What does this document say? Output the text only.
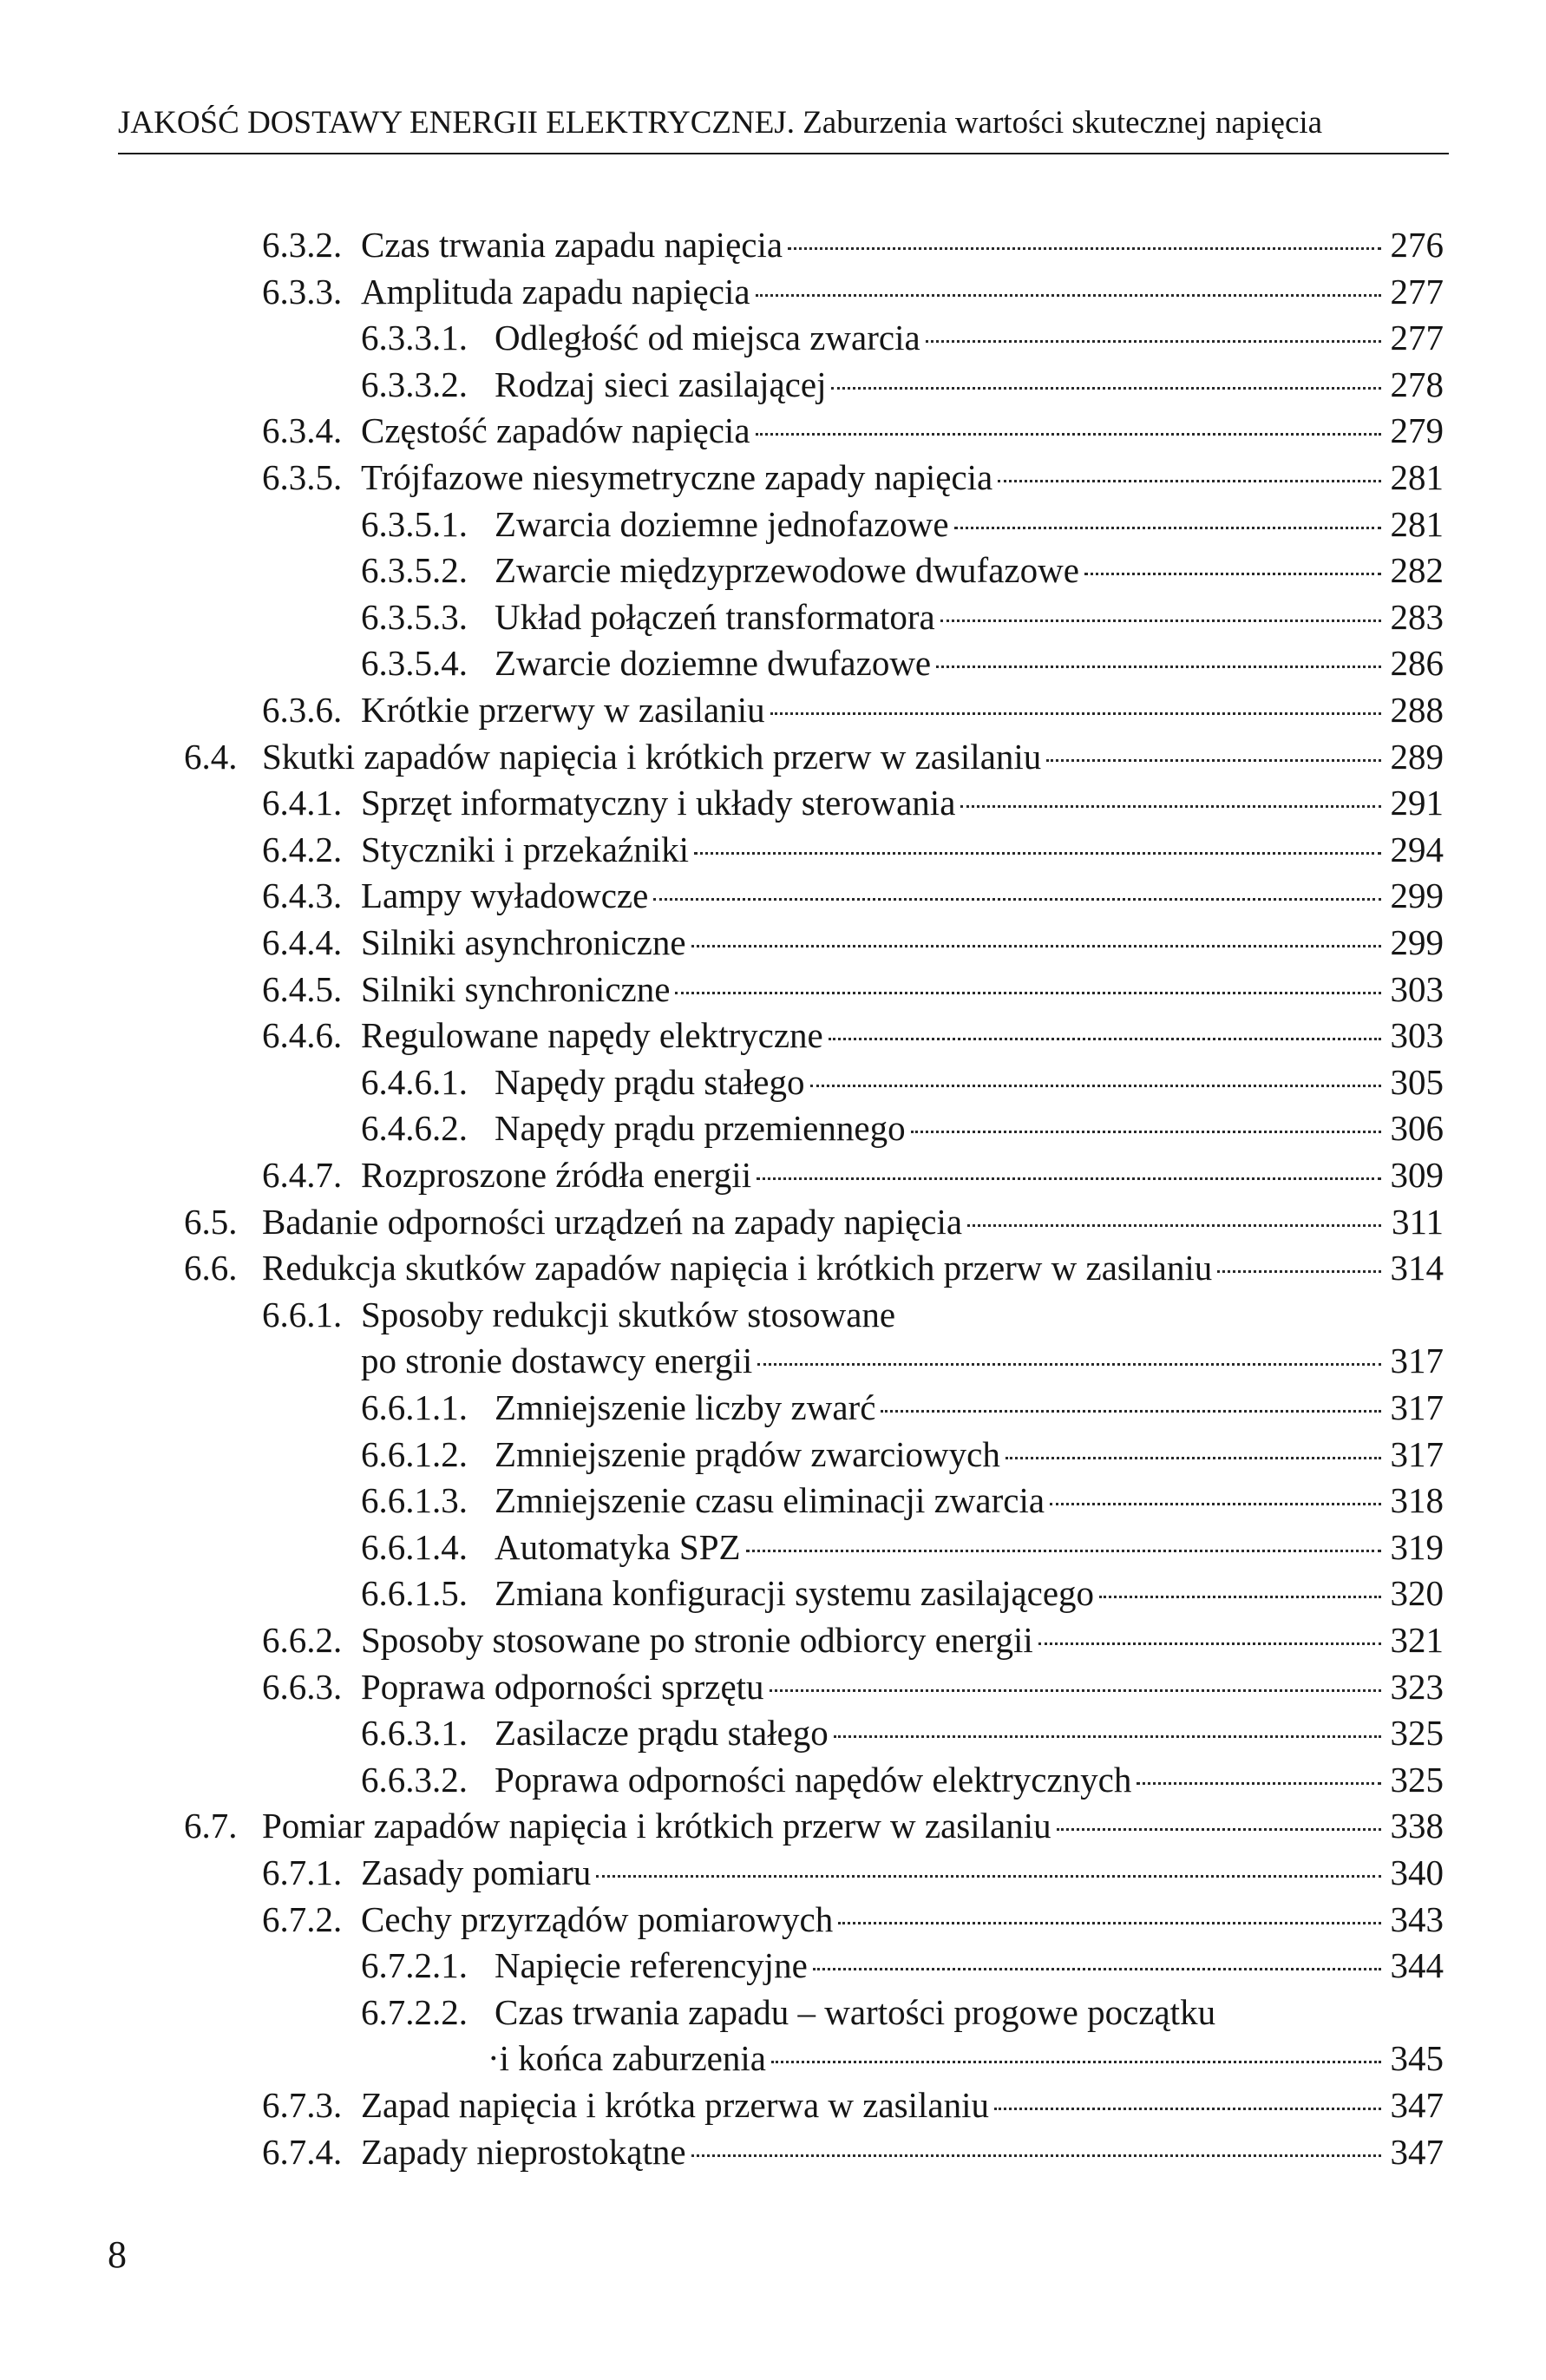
JAKOŚĆ DOSTAWY ENERGII ELEKTRYCZNEJ. Zaburzenia wartości skutecznej napięcia
6.3.2. Czas trwania zapadu napięcia	276
6.3.3. Amplituda zapadu napięcia	277
6.3.3.1. Odległość od miejsca zwarcia	277
6.3.3.2. Rodzaj sieci zasilającej	278
6.3.4. Częstość zapadów napięcia	279
6.3.5. Trójfazowe niesymetryczne zapady napięcia	281
6.3.5.1. Zwarcia doziemne jednofazowe	281
6.3.5.2. Zwarcie międzyprzewodowe dwufazowe	282
6.3.5.3. Układ połączeń transformatora	283
6.3.5.4. Zwarcie doziemne dwufazowe	286
6.3.6. Krótkie przerwy w zasilaniu	288
6.4. Skutki zapadów napięcia i krótkich przerw w zasilaniu	289
6.4.1. Sprzęt informatyczny i układy sterowania	291
6.4.2. Styczniki i przekaźniki	294
6.4.3. Lampy wyładowcze	299
6.4.4. Silniki asynchroniczne	299
6.4.5. Silniki synchroniczne	303
6.4.6. Regulowane napędy elektryczne	303
6.4.6.1. Napędy prądu stałego	305
6.4.6.2. Napędy prądu przemiennego	306
6.4.7. Rozproszone źródła energii	309
6.5. Badanie odporności urządzeń na zapady napięcia	311
6.6. Redukcja skutków zapadów napięcia i krótkich przerw w zasilaniu	314
6.6.1. Sposoby redukcji skutków stosowane
po stronie dostawcy energii	317
6.6.1.1. Zmniejszenie liczby zwarć	317
6.6.1.2. Zmniejszenie prądów zwarciowych	317
6.6.1.3. Zmniejszenie czasu eliminacji zwarcia	318
6.6.1.4. Automatyka SPZ	319
6.6.1.5. Zmiana konfiguracji systemu zasilającego	320
6.6.2. Sposoby stosowane po stronie odbiorcy energii	321
6.6.3. Poprawa odporności sprzętu	323
6.6.3.1. Zasilacze prądu stałego	325
6.6.3.2. Poprawa odporności napędów elektrycznych	325
6.7. Pomiar zapadów napięcia i krótkich przerw w zasilaniu	338
6.7.1. Zasady pomiaru	340
6.7.2. Cechy przyrządów pomiarowych	343
6.7.2.1. Napięcie referencyjne	344
6.7.2.2. Czas trwania zapadu – wartości progowe początku
·i końca zaburzenia	345
6.7.3. Zapad napięcia i krótka przerwa w zasilaniu	347
6.7.4. Zapady nieprostokątne	347
8
